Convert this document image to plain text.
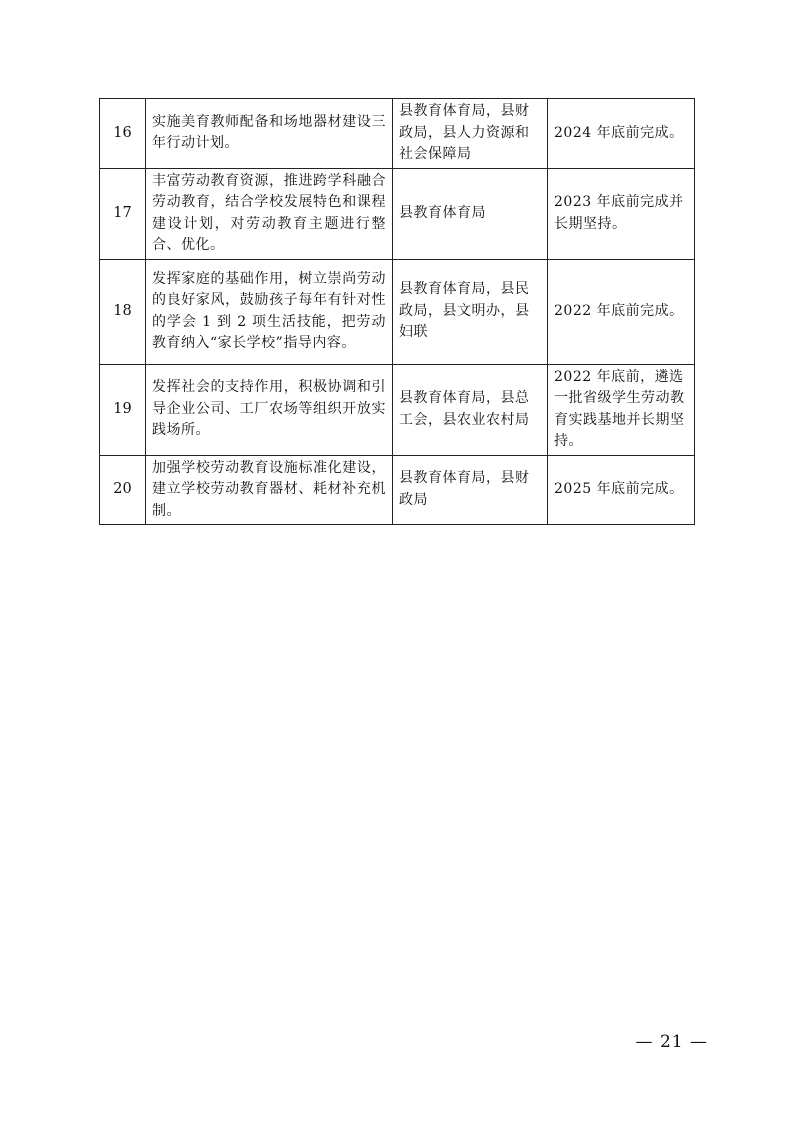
16	实施美育教师配备和场地器材建设三年行动计划。	县教育体育局，县财政局，县人力资源和社会保障局	2024 年底前完成。
17	丰富劳动教育资源，推进跨学科融合劳动教育，结合学校发展特色和课程建设计划，对劳动教育主题进行整合、优化。	县教育体育局	2023 年底前完成并长期坚持。
18	发挥家庭的基础作用，树立崇尚劳动的良好家风，鼓励孩子每年有针对性的学会 1 到 2 项生活技能，把劳动教育纳入“家长学校”指导内容。	县教育体育局，县民政局，县文明办，县妇联	2022 年底前完成。
19	发挥社会的支持作用，积极协调和引导企业公司、工厂农场等组织开放实践场所。	县教育体育局，县总工会，县农业农村局	2022 年底前，遴选一批省级学生劳动教育实践基地并长期坚持。
20	加强学校劳动教育设施标准化建设，建立学校劳动教育器材、耗材补充机制。	县教育体育局，县财政局	2025 年底前完成。
— 21 —
